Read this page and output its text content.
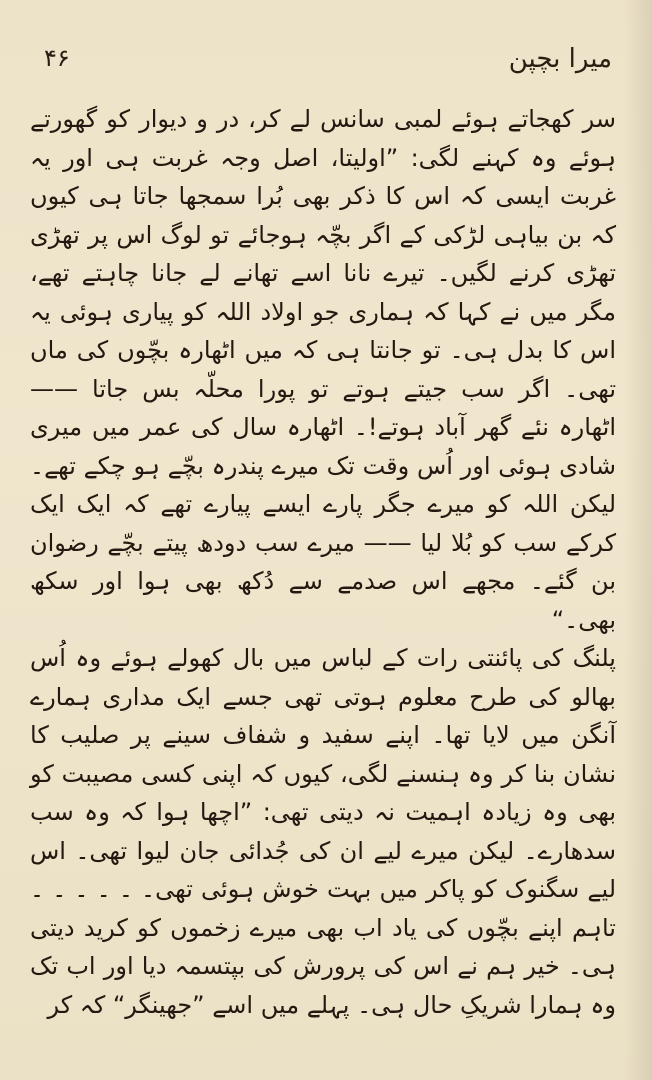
۴۶	میرا بچپن

سر کھجاتے ہوئے لمبی سانس لے کر، در و دیوار کو گھورتے ہوئے وہ کہنے لگی: ”اولیتا، اصل وجہ غربت ہی اور یہ غربت ایسی کہ اس کا ذکر بھی بُرا سمجھا جاتا ہی کیوں کہ بن بیاہی لڑکی کے اگر بچّہ ہوجائے تو لوگ اس پر تھڑی تھڑی کرنے لگیں۔ تیرے نانا اسے تھانے لے جانا چاہتے تھے، مگر میں نے کہا کہ ہماری جو اولاد اللہ کو پیاری ہوئی یہ اس کا بدل ہی۔ تو جانتا ہی کہ میں اٹھارہ بچّوں کی ماں تھی۔ اگر سب جیتے ہوتے تو پورا محلّہ بس جاتا —— اٹھارہ نئے گھر آباد ہوتے!۔ اٹھارہ سال کی عمر میں میری شادی ہوئی اور اُس وقت تک میرے پندرہ بچّے ہو چکے تھے۔ لیکن اللہ کو میرے جگر پارے ایسے پیارے تھے کہ ایک ایک کرکے سب کو بُلا لیا —— میرے سب دودھ پیتے بچّے رضوان بن گئے۔ مجھے اس صدمے سے دُکھ بھی ہوا اور سکھ بھی۔“

پلنگ کی پائنتی رات کے لباس میں بال کھولے ہوئے وہ اُس بھالو کی طرح معلوم ہوتی تھی جسے ایک مداری ہمارے آنگن میں لایا تھا۔ اپنے سفید و شفاف سینے پر صلیب کا نشان بنا کر وہ ہنسنے لگی، کیوں کہ اپنی کسی مصیبت کو بھی وہ زیادہ اہمیت نہ دیتی تھی: ”اچھا ہوا کہ وہ سب سدھارے۔ لیکن میرے لیے ان کی جُدائی جان لیوا تھی۔ اس لیے سگنوک کو پاکر میں بہت خوش ہوئی تھی۔ ۔ ۔ ۔ ۔ ۔ تاہم اپنے بچّوں کی یاد اب بھی میرے زخموں کو کرید دیتی ہی۔ خیر ہم نے اس کی پرورش کی بپتسمہ دیا اور اب تک وہ ہمارا شریکِ حال ہی۔ پہلے میں اسے ”جھینگر“ کہ کر
